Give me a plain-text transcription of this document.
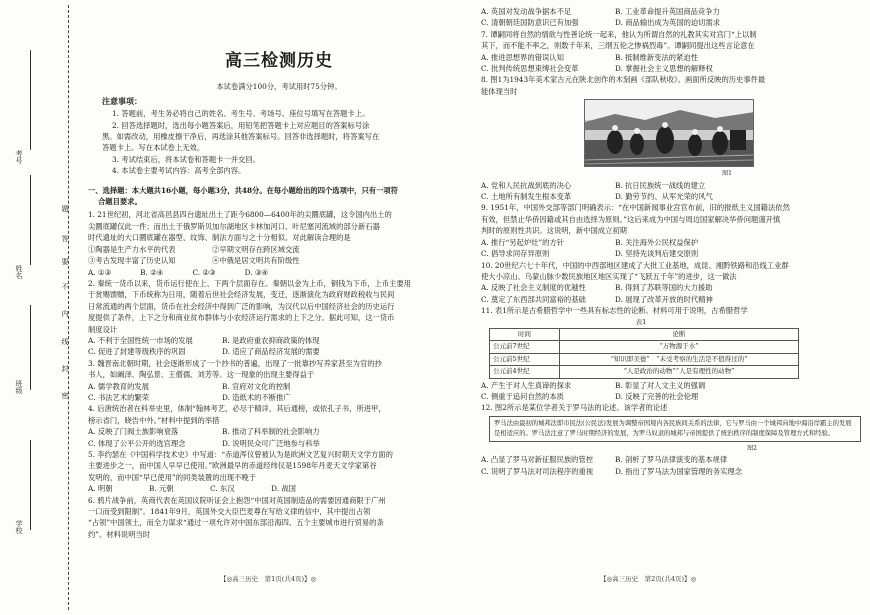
学校
班级
姓名
考号
题
答
要
不
内
线
封
密
高三检测历史

本试卷满分100分，考试用时75分钟。

注意事项：

1. 答题前，考生务必将自己的姓名、考生号、考场号、座位号填写在答题卡上。

2. 回答选择题时，选出每小题答案后，用铅笔把答题卡上对应题目的答案标号涂

黑。如需改动，用橡皮擦干净后，再选涂其他答案标号。回答非选择题时，将答案写在

答题卡上。写在本试卷上无效。

3. 考试结束后，将本试卷和答题卡一并交回。

4. 本试卷主要考试内容：高考全部内容。

一、选择题：本大题共16小题，每小题3分，共48分。在每小题给出的四个选项中，只有一项符

合题目要求。

1. 21世纪初，河北省高邑县四台遗址出土了距今6800—6400年的尖圜底罐，这令国内出土的

尖圜底罐仅此一件；而出土于俄罗斯贝加尔湖地区卡林加河口、叶尼塞河流域的部分新石器

时代遗址的大口圜底罐在器型、纹饰、制法方面与之十分相似。对此解读合理的是

①陶器是生产力水平的代表　　　　　②早期文明存在跨区域交流

③考古发现丰富了历史认知　　　　　④中俄是居文明共有阶级性

A. ①③　　　　B. ②④　　　　C. ②③　　　　D. ③④

2. 秦统一货币以来，货币运行使在上、下两个层面存在。秦朝以金为上币，铜钱为下币，上币主要用

于赏赐馈赠，下币统称为日用，随着后世社会经济发展，变迁，逐渐演化为政府财政税收与民间

日常流通的两个层面，货币在社会经济中得到广泛的影响，为汉代以后中国经济社会的历史运行

度提供了条件，上下之分和商业贫布群体与小农经济运行需求的上下之分。据此可知，这一货币

制度设计

A. 不利于全国性统一市场的发展　　　　B. 是政府重农抑商政策的体现

C. 促进了封建等级秩序的巩固　　　　　D. 适应了商品经济发展的需要

3. 魏晋南北朝时期，社会逐渐形成了一个抄书的普遍，出现了一批靠抄写养家甚至为官的抄

书人，如阚泽、陶弘景、王僧孺、刘芳等。这一现象的出现主要得益于

A. 儒学教育的发展　　　　　　　　　　B. 官府对文化的控制

C. 书法艺术的繁荣　　　　　　　　　　D. 造纸术的不断推广

4. 后唐统治者在科举史里，体制“翰林考艺，必尽于精详，其后通榜，或依孔子书，所进甲，

榜示省门，晓告中外。”材料中提到的举措

A. 反映了门阀士族影响衰落　　　　　　B. 推动了科举制的社会影响力

C. 体现了公平公开的选官理念　　　　　D. 说明民众可广泛地参与科举

5. 李约瑟在《中国科学技术史》中写道：“赤道浑仪曾被认为是欧洲文艺复兴时期天文学方面的

主要进步之一，而中国人早早已使用。”欧洲最早的赤道经纬仪是1598年丹麦天文学家第谷

发明的，而中国“早已使用”的同类装置的出现不晚于

A. 明朝　　　　　B. 元朝　　　　　C. 东汉　　　　　D. 战国

6. 鸦片战争前，英商代表在英国议院听证会上抱怨“中国对英国制造品的需要因通商限于广州

一口而受到限制”。1841年9月，英国外交大臣巴麦尊在写给义律的信中，其中提出占领

“占领”中国领土，而全力谋求“通过一项允许对中国东部沿海四、五个主要城市进行贸易的条

约”。材料说明当时

A. 英国对发动战争据本不足　　　　　　B. 工业革命提升英国商品竞争力

C. 清朝朝廷国防意识已有加强　　　　　D. 商品输出成为英国的迫切需求

7. 谭嗣同将自然的情欲与性善论统一起来，他认为所谓自然的礼教其实对宫门“上以制

其下，而不能不率之，则数千年来，三纲五伦之惨祸烈毒”。谭嗣同提出这些言论意在

A. 推进思想界的错误认知　　　　　　　B. 抵制维新变法的紧迫性

C. 批判传统思想束缚社会变革　　　　　D. 掌握社会主义思想的解释权

8. 图1为1943年美术家古元在陕北创作的木刻画《部队秋收》。画面所反映的历史事件最

能体现当时

图1

A. 党和人民抗战到底的决心　　　　　　B. 抗日民族统一战线的建立

C. 土地所有制发生根本变革　　　　　　D. 勤劳节约、从军光荣的风气

9. 1951年，中国外交部等部门明确表示：“在中国新闻事业宫官布前，旧的报纸主义国籍法依然

有效，但禁止华侨因籍或其自由选择为原则。”这后来成为中国与周边国家解决华侨问题谨开慎

判时的原则性共识。这说明，新中国成立初期

A. 推行“另起炉灶”的方针　　　　　　　B. 关注海外公民权益保护

C. 倡导求同存异原则　　　　　　　　　D. 坚持先谈判后建交原则

10. 20世纪六七十年代，中国的中西部地区建成了大批工业基地，成昆、湘黔铁路和沿线工业群

使大小凉山、乌蒙山脉少数民族地区地区实现了“飞跃五千年”的进步，这一做法

A. 反映了社会主义制度的优越性　　　　B. 得到了苏联等国的大力援助

C. 奠定了东西部共同富裕的基础　　　　D. 展现了改革开放的时代精神

11. 表1所示是古希腊哲学中一些具有标志性的论断。材料可用于说明，古希腊哲学

表1

时间	论断
公元前7世纪	“万物源于水”
公元前5世纪	“知识即美德”　“未受考察的生活是不值得过的”
公元前4世纪	“人是政治的动物”“人是有理性的动物”

A. 产生于对人生真谛的探求　　　　　　B. 彰显了对人文主义的强调

C. 侧重于追问自然的本质　　　　　　　D. 反映了完善的社会伦理

12. 图2所示是某位学者关于罗马法的论述。该学者的论述

罗马法由最初的城邦法即市民法(公民法)发展为调整帝国境内各民族间关系的法律，它与罗马由一个城邦向地中海沿岸霸主的发展是相适应的。罗马法注意了罗马时期经济的发展，为罗马奴隶的城邦与帝国提供了统治秩序的制度保障及管理方式和经验。

图2

A. 凸显了罗马对新征服民族的管控　　　B. 剖析了罗马法律演变的基本规律

C. 说明了罗马法对司法程序的重视　　　D. 指出了罗马法为国家管理的务实理念

【◎高三历史　第1页(共4页)】◎	【◎高三历史　第2页(共4页)】◎
